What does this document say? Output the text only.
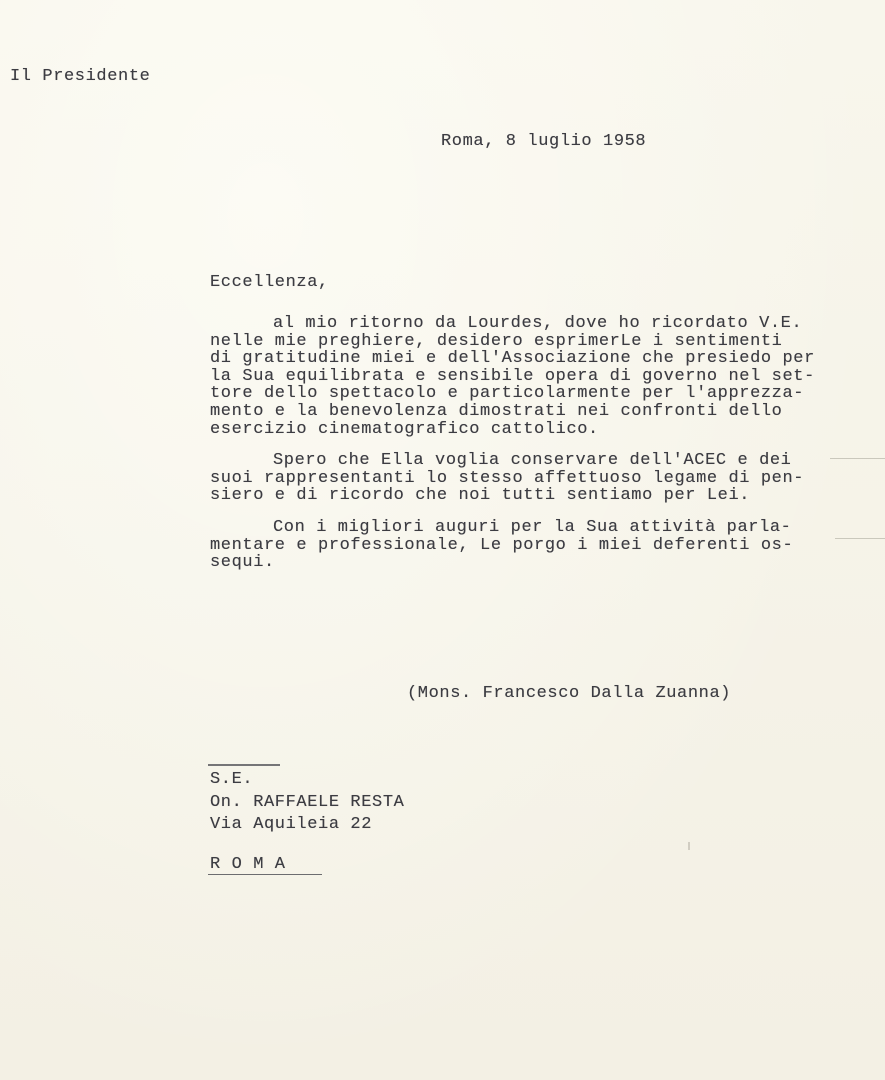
Il Presidente
Roma, 8 luglio 1958
Eccellenza,
al mio ritorno da Lourdes, dove ho ricordato V.E.
nelle mie preghiere, desidero esprimerLe i sentimenti
di gratitudine miei e dell'Associazione che presiedo per
la Sua equilibrata e sensibile opera di governo nel set-
tore dello spettacolo e particolarmente per l'apprezza-
mento e la benevolenza dimostrati nei confronti dello
esercizio cinematografico cattolico.
Spero che Ella voglia conservare dell'ACEC e dei
suoi rappresentanti lo stesso affettuoso legame di pen-
siero e di ricordo che noi tutti sentiamo per Lei.
Con i migliori auguri per la Sua attività parla-
mentare e professionale, Le porgo i miei deferenti os-
sequi.
(Mons. Francesco Dalla Zuanna)
S.E.
On. RAFFAELE RESTA
Via Aquileia 22
R O M A
